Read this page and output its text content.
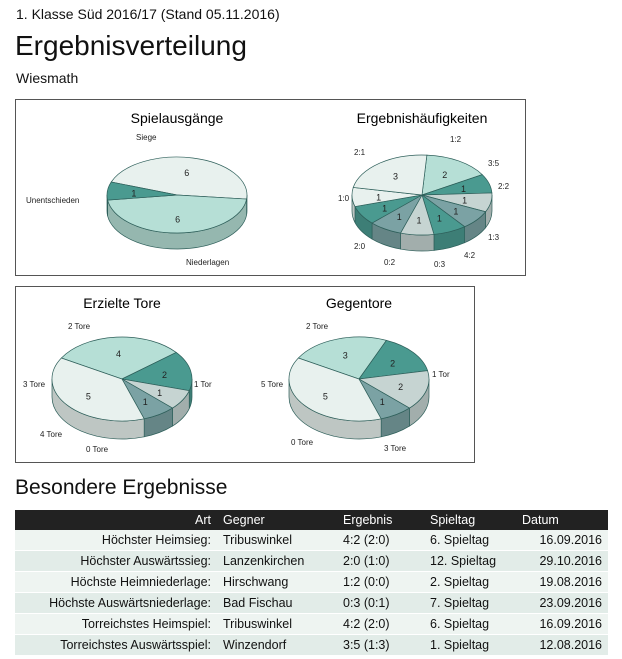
1. Klasse Süd 2016/17 (Stand 05.11.2016)
Ergebnisverteilung
Wiesmath
Spielausgänge
6
6
1
Siege
Niederlagen
Unentschieden
Ergebnishäufigkeiten
2
1
1
1
1
1
1
1
1
3
1:2
3:5
2:2
1:3
4:2
0:3
0:2
2:0
1:0
2:1
Erzielte Tore
4
2
1
1
5
1 Tor
0 Tore
4 Tore
3 Tore
2 Tore
Gegentore
3
2
2
1
5
1 Tor
3 Tore
0 Tore
5 Tore
2 Tore
Besondere Ergebnisse
Art	Gegner	Ergebnis	Spieltag	Datum
Höchster Heimsieg:	Tribuswinkel	4:2 (2:0)	6. Spieltag	16.09.2016
Höchster Auswärtssieg:	Lanzenkirchen	2:0 (1:0)	12. Spieltag	29.10.2016
Höchste Heimniederlage:	Hirschwang	1:2 (0:0)	2. Spieltag	19.08.2016
Höchste Auswärtsniederlage:	Bad Fischau	0:3 (0:1)	7. Spieltag	23.09.2016
Torreichstes Heimspiel:	Tribuswinkel	4:2 (2:0)	6. Spieltag	16.09.2016
Torreichstes Auswärtsspiel:	Winzendorf	3:5 (1:3)	1. Spieltag	12.08.2016
